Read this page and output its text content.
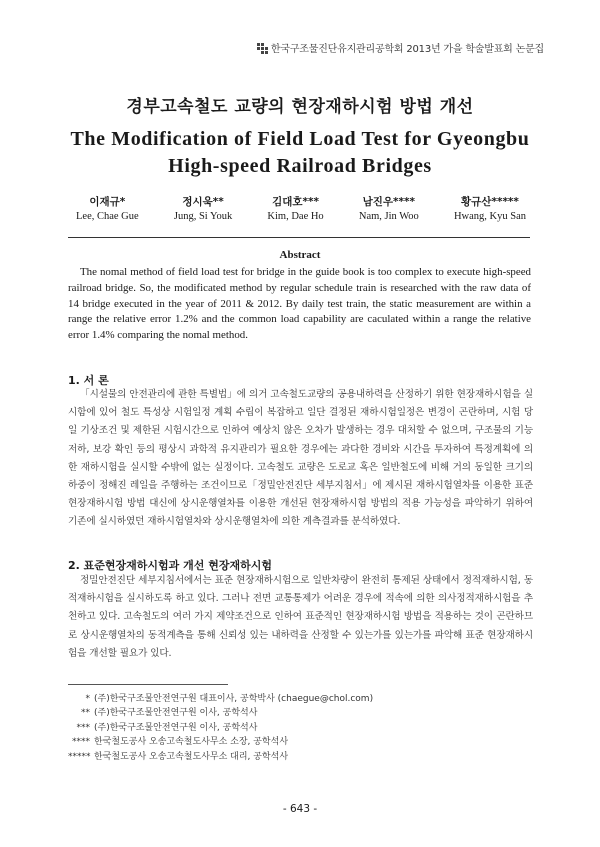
한국구조물진단유지관리공학회 2013년 가을 학술발표회 논문집
경부고속철도 교량의 현장재하시험 방법 개선
The Modification of Field Load Test for Gyeongbu High-speed Railroad Bridges
이재규*
Lee, Chae Gue
정시욱**
Jung, Si Youk
김대호***
Kim, Dae Ho
남진우****
Nam, Jin Woo
황규산*****
Hwang, Kyu San
Abstract
The nomal method of field load test for bridge in the guide book is too complex to execute high-speed railroad bridge. So, the modificated method by regular schedule train is researched with the raw data of 14 bridge executed in the year of 2011 & 2012. By daily test train, the static measurement are within a range the relative error 1.2% and the common load capability are caculated within a range the relative error 1.4% comparing the nomal method.
1. 서 론
「시설물의 안전관리에 관한 특별법」에 의거 고속철도교량의 공용내하력을 산정하기 위한 현장재하시험을 실시함에 있어 철도 특성상 시험일정 계획 수립이 복잡하고 일단 결정된 재하시험일정은 변경이 곤란하며, 시험 당일 기상조건 및 제한된 시험시간으로 인하여 예상치 않은 오차가 발생하는 경우 대처할 수 없으며, 구조물의 기능 저하, 보강 확인 등의 평상시 과학적 유지관리가 필요한 경우에는 과다한 경비와 시간을 투자하여 특정계획에 의한 재하시험을 실시할 수밖에 없는 실정이다. 고속철도 교량은 도로교 혹은 일반철도에 비해 거의 동일한 크기의 하중이 정해진 레일을 주행하는 조건이므로「정밀안전진단 세부지침서」에 제시된 재하시험열차를 이용한 표준 현장재하시험 방법 대신에 상시운행열차를 이용한 개선된 현장재하시험 방법의 적용 가능성을 파악하기 위하여 기존에 실시하였던 재하시험열차와 상시운행열차에 의한 계측결과를 분석하였다.
2. 표준현장재하시험과 개선 현장재하시험
정밀안전진단 세부지침서에서는 표준 현장재하시험으로 일반차량이 완전히 통제된 상태에서 정적재하시험, 동적재하시험을 실시하도록 하고 있다. 그러나 전면 교통통제가 어려운 경우에 적속에 의한 의사정적재하시험을 추천하고 있다. 고속철도의 여러 가지 제약조건으로 인하여 표준적인 현장재하시험 방법을 적용하는 것이 곤란하므로 상시운행열차의 동적계측을 통해 신뢰성 있는 내하력을 산정할 수 있는가를 있는가를 파악해 표준 현장재하시험을 개선할 필요가 있다.
* (주)한국구조물안전연구원 대표이사, 공학박사 (chaegue@chol.com)
** (주)한국구조물안전연구원 이사, 공학석사
*** (주)한국구조물안전연구원 이사, 공학석사
**** 한국철도공사 오송고속철도사무소 소장, 공학석사
***** 한국철도공사 오송고속철도사무소 대리, 공학석사
- 643 -
